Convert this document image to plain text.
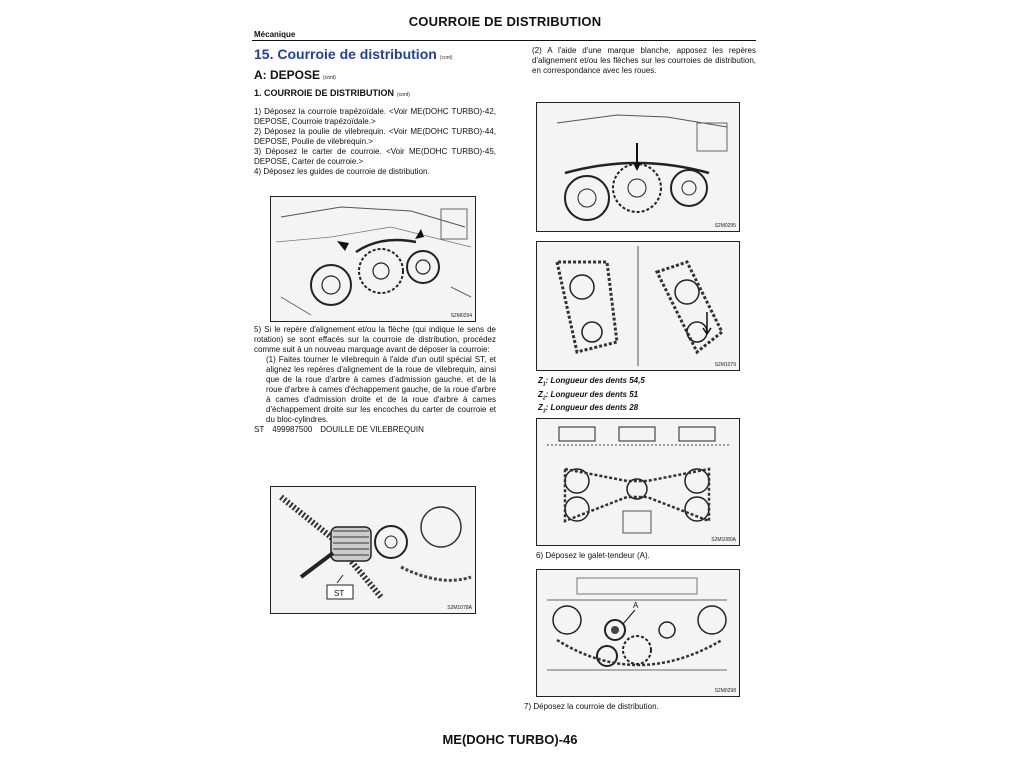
COURROIE DE DISTRIBUTION
Mécanique
15. Courroie de distribution (cont)
A: DEPOSE (cont)
1. COURROIE DE DISTRIBUTION (cont)

1) Déposez la courroie trapézoïdale. <Voir ME(DOHC TURBO)-42, DEPOSE, Courroie trapézoïdale.>

2) Déposez la poulie de vilebrequin. <Voir ME(DOHC TURBO)-44, DEPOSE, Poulie de vilebrequin.>

3) Déposez le carter de courroie. <Voir ME(DOHC TURBO)-45, DEPOSE, Carter de courroie.>

4) Déposez les guides de courroie de distribution.

S2M0294

5) Si le repère d'alignement et/ou la flèche (qui indique le sens de rotation) se sont effacés sur la courroie de distribution, procédez comme suit à un nouveau marquage avant de déposer la courroie:

(1) Faites tourner le vilebrequin à l'aide d'un outil spécial ST, et alignez les repères d'alignement de la roue de vilebrequin, ainsi que de la roue d'arbre à cames d'admission gauche, et de la roue d'arbre à cames d'échappement gauche, de la roue d'arbre à cames d'admission droite et de la roue d'arbre à cames d'échappement droite sur les encoches du carter de courroie et du bloc-cylindres.

ST 499987500 DOUILLE DE VILEBREQUIN

ST
S2M1078A

(2) A l'aide d'une marque blanche, apposez les repères d'alignement et/ou les flèches sur les courroies de distribution, en correspondance avec les roues.

S2M0295
S2M1079
$Z_1$: Longueur des dents 54,5
$Z_2$: Longueur des dents 51
$Z_3$: Longueur des dents 28
S2M1080A

6) Déposez le galet-tendeur (A).

A
S2M0298

7) Déposez la courroie de distribution.

ME(DOHC TURBO)-46
